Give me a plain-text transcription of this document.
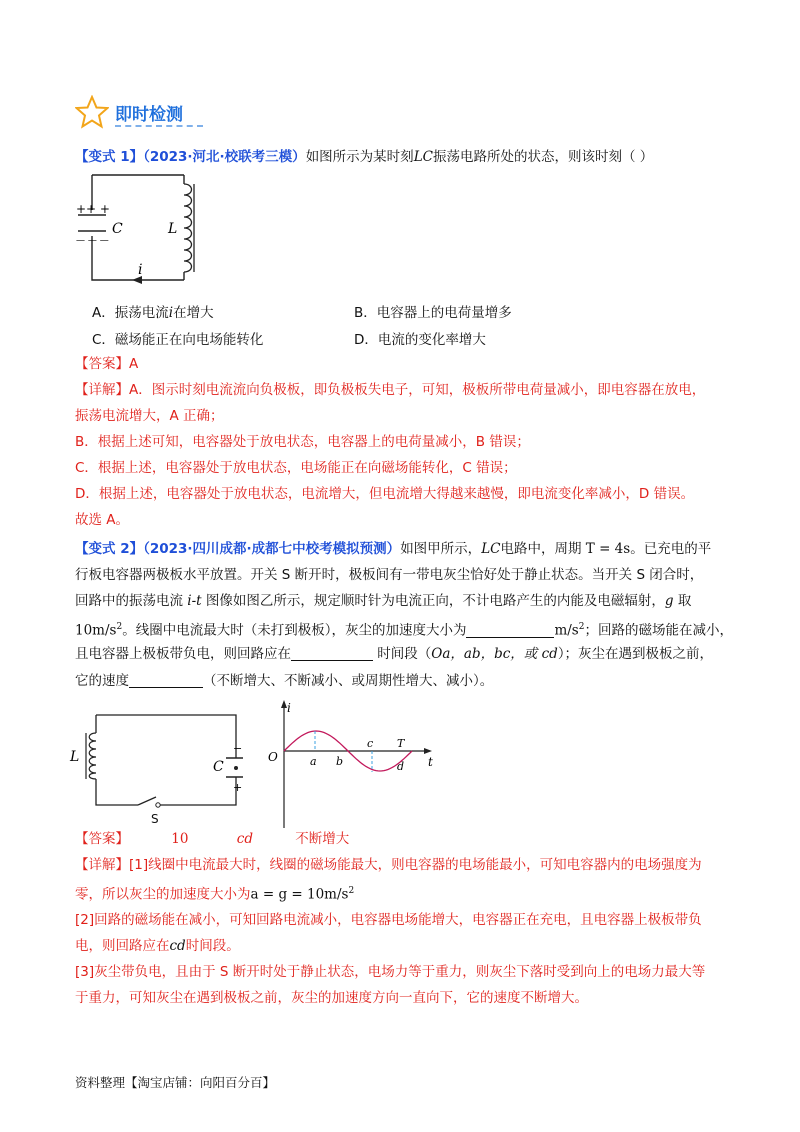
即时检测
【变式 1】（2023·河北·校联考三模）如图所示为某时刻LC振荡电路所处的状态，则该时刻（ ）
++ +
— — —
C	L
i
A．振荡电流i在增大	B．电容器上的电荷量增多
C．磁场能正在向电场能转化	D．电流的变化率增大
【答案】A
【详解】A．图示时刻电流流向负极板，即负极板失电子，可知，极板所带电荷量减小，即电容器在放电，
振荡电流增大，A 正确；
B．根据上述可知，电容器处于放电状态，电容器上的电荷量减小，B 错误；
C．根据上述，电容器处于放电状态，电场能正在向磁场能转化，C 错误；
D．根据上述，电容器处于放电状态，电流增大，但电流增大得越来越慢，即电流变化率减小，D 错误。
故选 A。
【变式 2】（2023·四川成都·成都七中校考模拟预测）如图甲所示，LC电路中，周期 T = 4s。已充电的平
行板电容器两极板水平放置。开关 S 断开时，极板间有一带电灰尘恰好处于静止状态。当开关 S 闭合时，
回路中的振荡电流 i-t 图像如图乙所示，规定顺时针为电流正向，不计电路产生的内能及电磁辐射，g 取
$10m/s^2$。线圈中电流最大时（未打到极板），灰尘的加速度大小为	$m/s^2$；回路的磁场能在减小，
且电容器上极板带负电，则回路应在	时间段（Oa，ab，bc，或 cd）；灰尘在遇到极板之前，
它的速度	（不断增大、不断减小、或周期性增大、减小）。
L
C
−
+
S
i
t
O	a b
c
d
T
【答案】	10	cd	不断增大
【详解】[1]线圈中电流最大时，线圈的磁场能最大，则电容器的电场能最小，可知电容器内的电场强度为
零，所以灰尘的加速度大小为$a = g = 10m/s^2$
[2]回路的磁场能在减小，可知回路电流减小，电容器电场能增大，电容器正在充电，且电容器上极板带负
电，则回路应在cd时间段。
[3]灰尘带负电，且由于 S 断开时处于静止状态，电场力等于重力，则灰尘下落时受到向上的电场力最大等
于重力，可知灰尘在遇到极板之前，灰尘的加速度方向一直向下，它的速度不断增大。
资料整理【淘宝店铺：向阳百分百】
